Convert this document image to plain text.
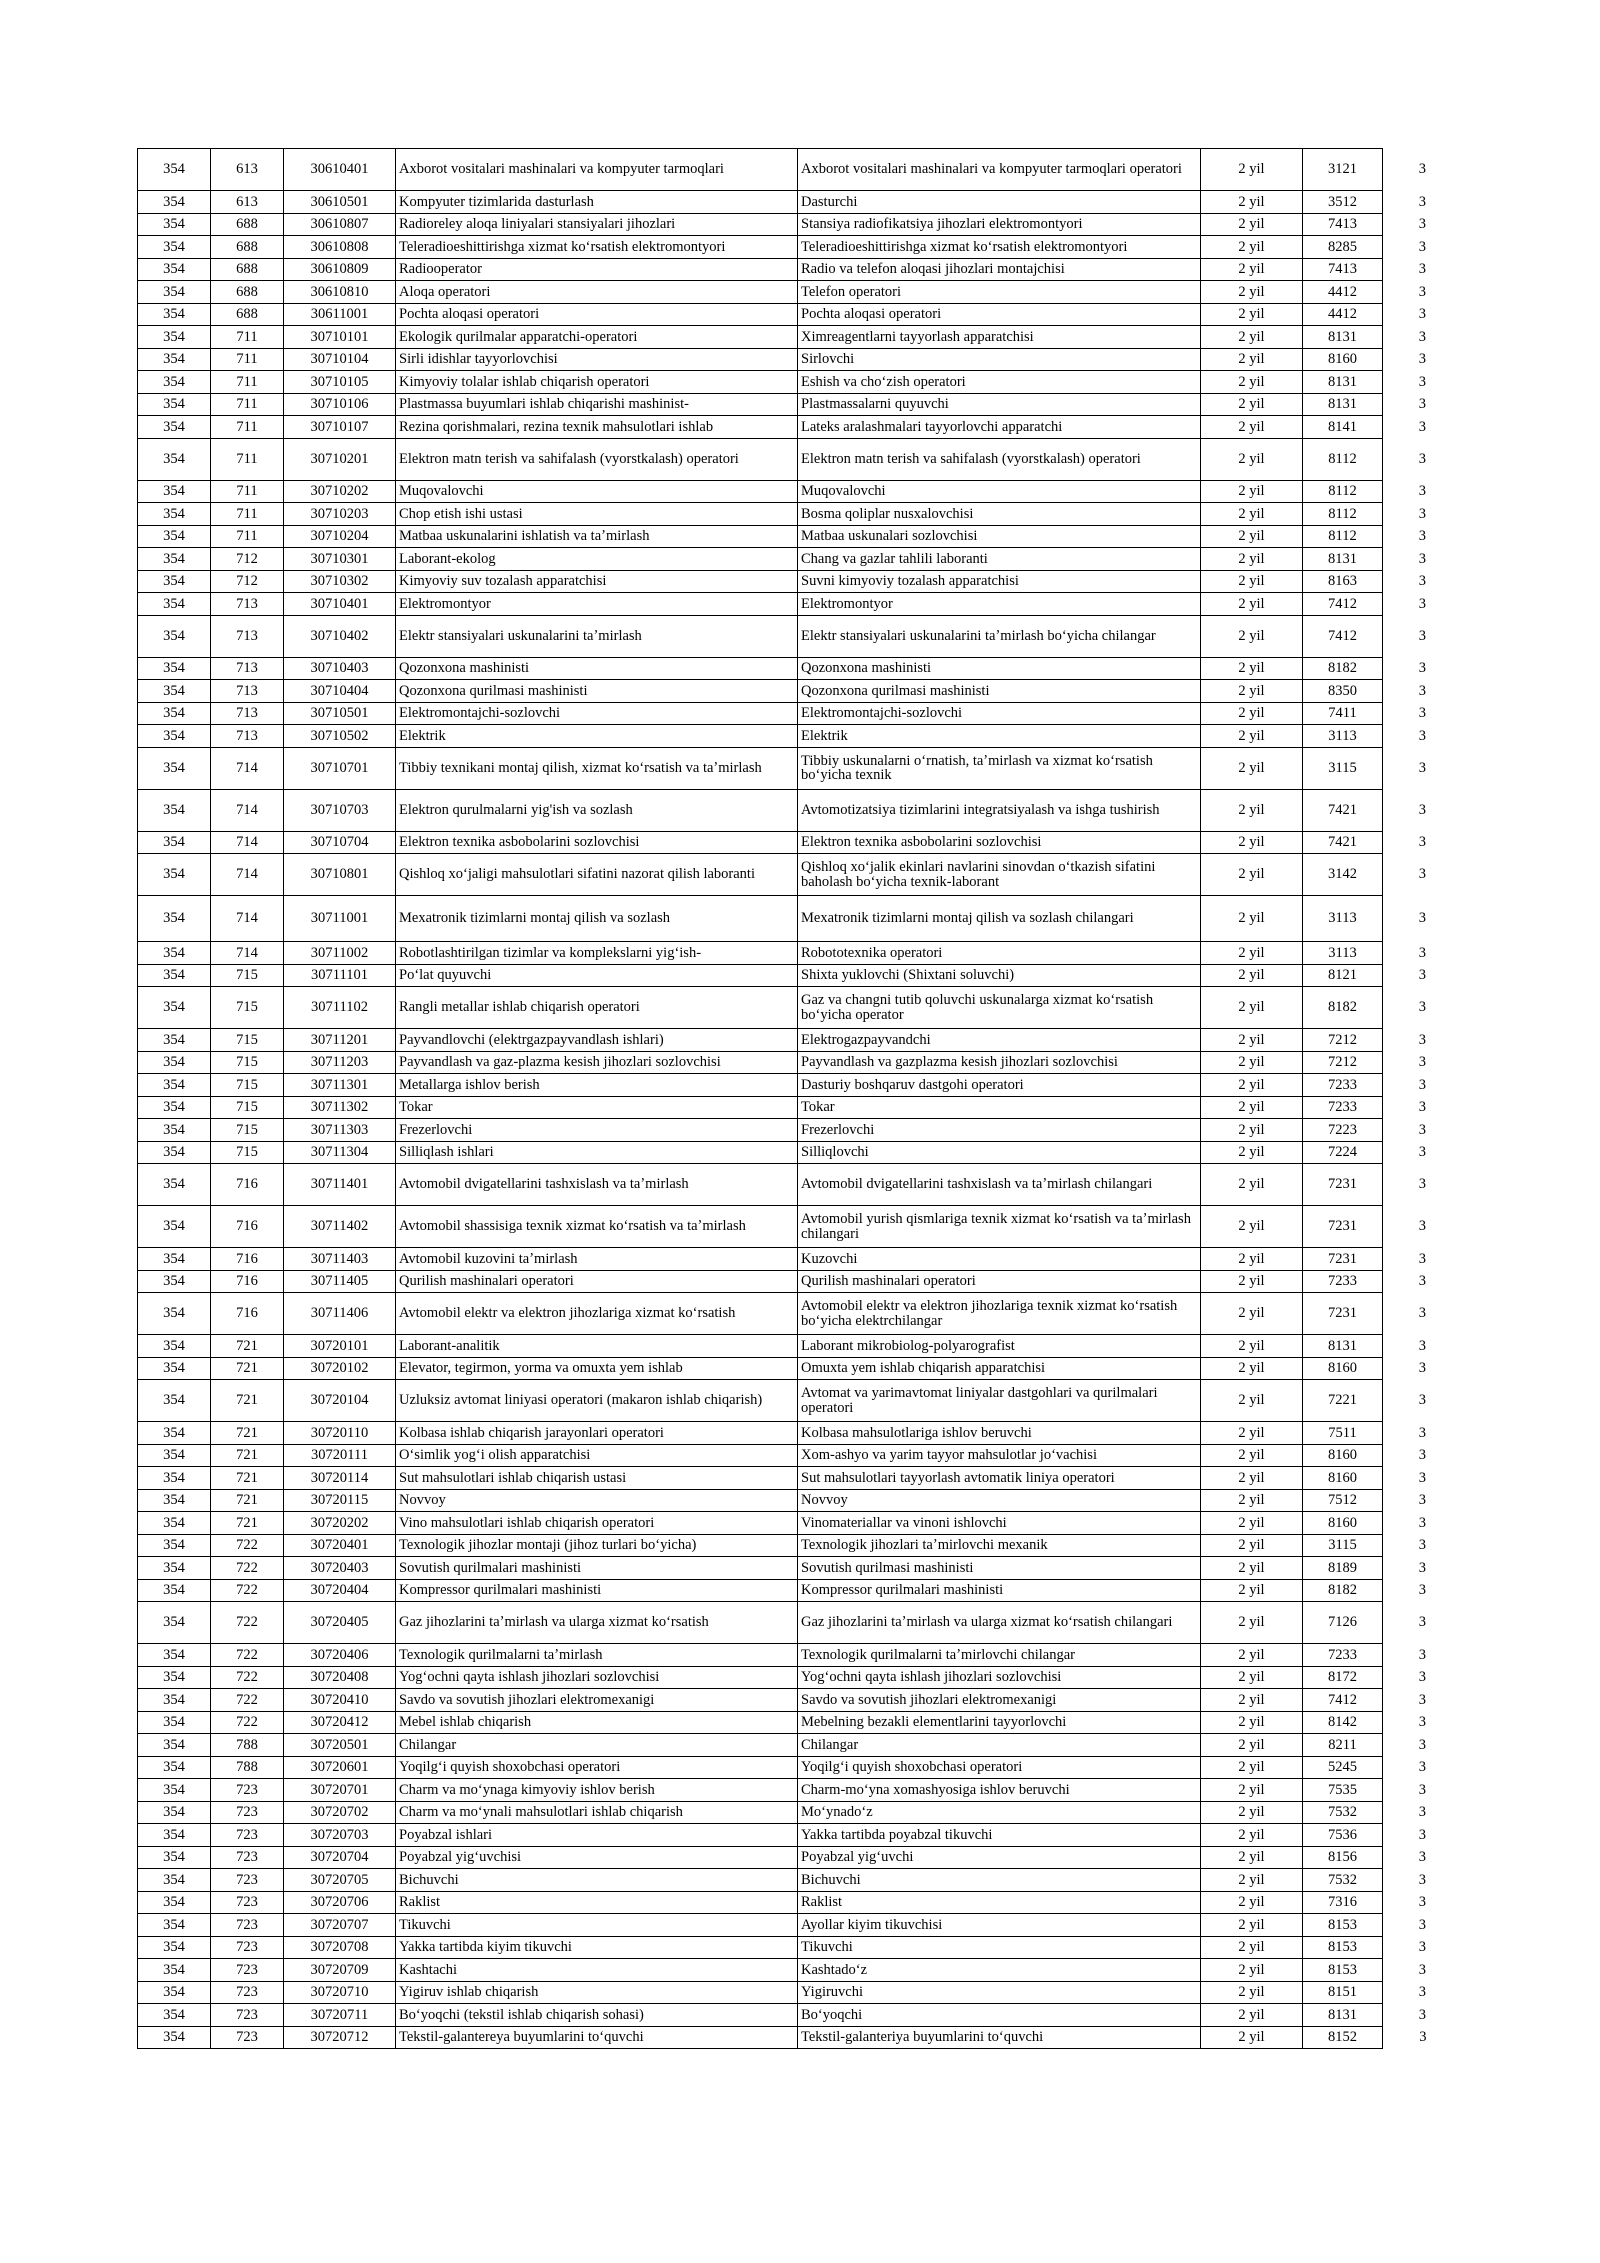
354	613	30610401	Axborot vositalari mashinalari va kompyuter tarmoqlari	Axborot vositalari mashinalari va kompyuter tarmoqlari operatori	2 yil	3121	3
354	613	30610501	Kompyuter tizimlarida dasturlash	Dasturchi	2 yil	3512	3
354	688	30610807	Radioreley aloqa liniyalari stansiyalari jihozlari	Stansiya radiofikatsiya jihozlari elektromontyori	2 yil	7413	3
354	688	30610808	Teleradioeshittirishga xizmat koʻrsatish elektromontyori	Teleradioeshittirishga xizmat koʻrsatish elektromontyori	2 yil	8285	3
354	688	30610809	Radiooperator	Radio va telefon aloqasi jihozlari montajchisi	2 yil	7413	3
354	688	30610810	Aloqa operatori	Telefon operatori	2 yil	4412	3
354	688	30611001	Pochta aloqasi operatori	Pochta aloqasi operatori	2 yil	4412	3
354	711	30710101	Ekologik qurilmalar apparatchi-operatori	Ximreagentlarni tayyorlash apparatchisi	2 yil	8131	3
354	711	30710104	Sirli idishlar tayyorlovchisi	Sirlovchi	2 yil	8160	3
354	711	30710105	Kimyoviy tolalar ishlab chiqarish operatori	Eshish va choʻzish operatori	2 yil	8131	3
354	711	30710106	Plastmassa buyumlari ishlab chiqarishi mashinist-	Plastmassalarni quyuvchi	2 yil	8131	3
354	711	30710107	Rezina qorishmalari, rezina texnik mahsulotlari ishlab	Lateks aralashmalari tayyorlovchi apparatchi	2 yil	8141	3
354	711	30710201	Elektron matn terish va sahifalash (vyorstkalash) operatori	Elektron matn terish va sahifalash (vyorstkalash) operatori	2 yil	8112	3
354	711	30710202	Muqovalovchi	Muqovalovchi	2 yil	8112	3
354	711	30710203	Chop etish ishi ustasi	Bosma qoliplar nusxalovchisi	2 yil	8112	3
354	711	30710204	Matbaa uskunalarini ishlatish va taʼmirlash	Matbaa uskunalari sozlovchisi	2 yil	8112	3
354	712	30710301	Laborant-ekolog	Chang va gazlar tahlili laboranti	2 yil	8131	3
354	712	30710302	Kimyoviy suv tozalash apparatchisi	Suvni kimyoviy tozalash apparatchisi	2 yil	8163	3
354	713	30710401	Elektromontyor	Elektromontyor	2 yil	7412	3
354	713	30710402	Elektr stansiyalari uskunalarini taʼmirlash	Elektr stansiyalari uskunalarini taʼmirlash boʻyicha chilangar	2 yil	7412	3
354	713	30710403	Qozonxona mashinisti	Qozonxona mashinisti	2 yil	8182	3
354	713	30710404	Qozonxona qurilmasi mashinisti	Qozonxona qurilmasi mashinisti	2 yil	8350	3
354	713	30710501	Elektromontajchi-sozlovchi	Elektromontajchi-sozlovchi	2 yil	7411	3
354	713	30710502	Elektrik	Elektrik	2 yil	3113	3
354	714	30710701	Tibbiy texnikani montaj qilish, xizmat koʻrsatish va taʼmirlash	Tibbiy uskunalarni oʻrnatish, taʼmirlash va xizmat koʻrsatish boʻyicha texnik	2 yil	3115	3
354	714	30710703	Elektron qurulmalarni yig'ish va sozlash	Avtomotizatsiya tizimlarini integratsiyalash va ishga tushirish	2 yil	7421	3
354	714	30710704	Elektron texnika asbobolarini sozlovchisi	Elektron texnika asbobolarini sozlovchisi	2 yil	7421	3
354	714	30710801	Qishloq xoʻjaligi mahsulotlari sifatini nazorat qilish laboranti	Qishloq xoʻjalik ekinlari navlarini sinovdan oʻtkazish sifatini baholash boʻyicha texnik-laborant	2 yil	3142	3
354	714	30711001	Mexatronik tizimlarni montaj qilish va sozlash	Mexatronik tizimlarni montaj qilish va sozlash chilangari	2 yil	3113	3
354	714	30711002	Robotlashtirilgan tizimlar va komplekslarni yigʻish-	Robototexnika operatori	2 yil	3113	3
354	715	30711101	Poʻlat quyuvchi	Shixta yuklovchi (Shixtani soluvchi)	2 yil	8121	3
354	715	30711102	Rangli metallar ishlab chiqarish operatori	Gaz va changni tutib qoluvchi uskunalarga xizmat koʻrsatish boʻyicha operator	2 yil	8182	3
354	715	30711201	Payvandlovchi (elektrgazpayvandlash ishlari)	Elektrogazpayvandchi	2 yil	7212	3
354	715	30711203	Payvandlash va gaz-plazma kesish jihozlari sozlovchisi	Payvandlash va gazplazma kesish jihozlari sozlovchisi	2 yil	7212	3
354	715	30711301	Metallarga ishlov berish	Dasturiy boshqaruv dastgohi operatori	2 yil	7233	3
354	715	30711302	Tokar	Tokar	2 yil	7233	3
354	715	30711303	Frezerlovchi	Frezerlovchi	2 yil	7223	3
354	715	30711304	Silliqlash ishlari	Silliqlovchi	2 yil	7224	3
354	716	30711401	Avtomobil dvigatellarini tashxislash va taʼmirlash	Avtomobil dvigatellarini tashxislash va taʼmirlash chilangari	2 yil	7231	3
354	716	30711402	Avtomobil shassisiga texnik xizmat koʻrsatish va taʼmirlash	Avtomobil yurish qismlariga texnik xizmat koʻrsatish va taʼmirlash chilangari	2 yil	7231	3
354	716	30711403	Avtomobil kuzovini taʼmirlash	Kuzovchi	2 yil	7231	3
354	716	30711405	Qurilish mashinalari operatori	Qurilish mashinalari operatori	2 yil	7233	3
354	716	30711406	Avtomobil elektr va elektron jihozlariga xizmat koʻrsatish	Avtomobil elektr va elektron jihozlariga texnik xizmat koʻrsatish boʻyicha elektrchilangar	2 yil	7231	3
354	721	30720101	Laborant-analitik	Laborant mikrobiolog-polyarografist	2 yil	8131	3
354	721	30720102	Elevator, tegirmon, yorma va omuxta yem ishlab	Omuxta yem ishlab chiqarish apparatchisi	2 yil	8160	3
354	721	30720104	Uzluksiz avtomat liniyasi operatori (makaron ishlab chiqarish)	Avtomat va yarimavtomat liniyalar dastgohlari va qurilmalari operatori	2 yil	7221	3
354	721	30720110	Kolbasa ishlab chiqarish jarayonlari operatori	Kolbasa mahsulotlariga ishlov beruvchi	2 yil	7511	3
354	721	30720111	Oʻsimlik yogʻi olish apparatchisi	Xom-ashyo va yarim tayyor mahsulotlar joʻvachisi	2 yil	8160	3
354	721	30720114	Sut mahsulotlari ishlab chiqarish ustasi	Sut mahsulotlari tayyorlash avtomatik liniya operatori	2 yil	8160	3
354	721	30720115	Novvoy	Novvoy	2 yil	7512	3
354	721	30720202	Vino mahsulotlari ishlab chiqarish operatori	Vinomateriallar va vinoni ishlovchi	2 yil	8160	3
354	722	30720401	Texnologik jihozlar montaji (jihoz turlari boʻyicha)	Texnologik jihozlari taʼmirlovchi mexanik	2 yil	3115	3
354	722	30720403	Sovutish qurilmalari mashinisti	Sovutish qurilmasi mashinisti	2 yil	8189	3
354	722	30720404	Kompressor qurilmalari mashinisti	Kompressor qurilmalari mashinisti	2 yil	8182	3
354	722	30720405	Gaz jihozlarini taʼmirlash va ularga xizmat koʻrsatish	Gaz jihozlarini taʼmirlash va ularga xizmat koʻrsatish chilangari	2 yil	7126	3
354	722	30720406	Texnologik qurilmalarni taʼmirlash	Texnologik qurilmalarni taʼmirlovchi chilangar	2 yil	7233	3
354	722	30720408	Yogʻochni qayta ishlash jihozlari sozlovchisi	Yogʻochni qayta ishlash jihozlari sozlovchisi	2 yil	8172	3
354	722	30720410	Savdo va sovutish jihozlari elektromexanigi	Savdo va sovutish jihozlari elektromexanigi	2 yil	7412	3
354	722	30720412	Mebel ishlab chiqarish	Mebelning bezakli elementlarini tayyorlovchi	2 yil	8142	3
354	788	30720501	Chilangar	Chilangar	2 yil	8211	3
354	788	30720601	Yoqilgʻi quyish shoxobchasi operatori	Yoqilgʻi quyish shoxobchasi operatori	2 yil	5245	3
354	723	30720701	Charm va moʻynaga kimyoviy ishlov berish	Charm-moʻyna xomashyosiga ishlov beruvchi	2 yil	7535	3
354	723	30720702	Charm va moʻynali mahsulotlari ishlab chiqarish	Moʻynadoʻz	2 yil	7532	3
354	723	30720703	Poyabzal ishlari	Yakka tartibda poyabzal tikuvchi	2 yil	7536	3
354	723	30720704	Poyabzal yigʻuvchisi	Poyabzal yigʻuvchi	2 yil	8156	3
354	723	30720705	Bichuvchi	Bichuvchi	2 yil	7532	3
354	723	30720706	Raklist	Raklist	2 yil	7316	3
354	723	30720707	Tikuvchi	Ayollar kiyim tikuvchisi	2 yil	8153	3
354	723	30720708	Yakka tartibda kiyim tikuvchi	Tikuvchi	2 yil	8153	3
354	723	30720709	Kashtachi	Kashtadoʻz	2 yil	8153	3
354	723	30720710	Yigiruv ishlab chiqarish	Yigiruvchi	2 yil	8151	3
354	723	30720711	Boʻyoqchi (tekstil ishlab chiqarish sohasi)	Boʻyoqchi	2 yil	8131	3
354	723	30720712	Tekstil-galantereya buyumlarini toʻquvchi	Tekstil-galanteriya buyumlarini toʻquvchi	2 yil	8152	3
